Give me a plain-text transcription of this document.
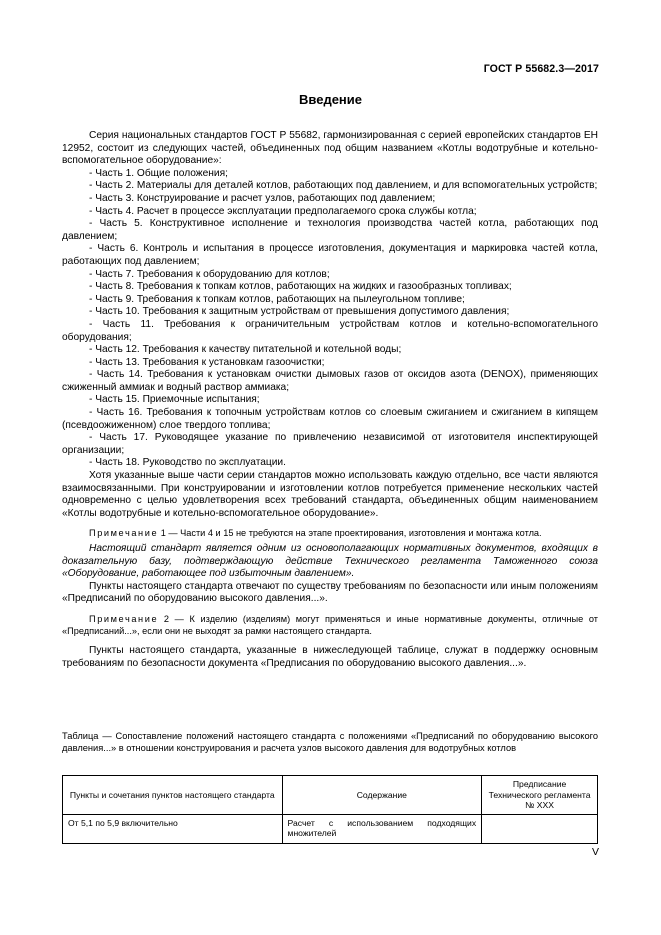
ГОСТ Р 55682.3—2017
Введение

Серия национальных стандартов ГОСТ Р 55682, гармонизированная с серией европейских стандартов ЕН 12952, состоит из следующих частей, объединенных под общим названием «Котлы водотрубные и котельно-вспомогательное оборудование»:

- Часть 1. Общие положения;

- Часть 2. Материалы для деталей котлов, работающих под давлением, и для вспомогательных устройств;

- Часть 3. Конструирование и расчет узлов, работающих под давлением;

- Часть 4. Расчет в процессе эксплуатации предполагаемого срока службы котла;

- Часть 5. Конструктивное исполнение и технология производства частей котла, работающих под давлением;

- Часть 6. Контроль и испытания в процессе изготовления, документация и маркировка частей котла, работающих под давлением;

- Часть 7. Требования к оборудованию для котлов;

- Часть 8. Требования к топкам котлов, работающих на жидких и газообразных топливах;

- Часть 9. Требования к топкам котлов, работающих на пылеугольном топливе;

- Часть 10. Требования к защитным устройствам от превышения допустимого давления;

- Часть 11. Требования к ограничительным устройствам котлов и котельно-вспомогательного оборудования;

- Часть 12. Требования к качеству питательной и котельной воды;

- Часть 13. Требования к установкам газоочистки;

- Часть 14. Требования к установкам очистки дымовых газов от оксидов азота (DENOX), применяющих сжиженный аммиак и водный раствор аммиака;

- Часть 15. Приемочные испытания;

- Часть 16. Требования к топочным устройствам котлов со слоевым сжиганием и сжиганием в кипящем (псевдоожиженном) слое твердого топлива;

- Часть 17. Руководящее указание по привлечению независимой от изготовителя инспектирующей организации;

- Часть 18. Руководство по эксплуатации.

Хотя указанные выше части серии стандартов можно использовать каждую отдельно, все части являются взаимосвязанными. При конструировании и изготовлении котлов потребуется применение нескольких частей одновременно с целью удовлетворения всех требований стандарта, объединенных общим наименованием «Котлы водотрубные и котельно-вспомогательное оборудование».

Примечание 1 — Части 4 и 15 не требуются на этапе проектирования, изготовления и монтажа котла.

Настоящий стандарт является одним из основополагающих нормативных документов, входящих в доказательную базу, подтверждающую действие Технического регламента Таможенного союза «Оборудование, работающее под избыточным давлением».

Пункты настоящего стандарта отвечают по существу требованиям по безопасности или иным положениям «Предписаний по оборудованию высокого давления...».

Примечание 2 — К изделию (изделиям) могут применяться и иные нормативные документы, отличные от «Предписаний...», если они не выходят за рамки настоящего стандарта.

Пункты настоящего стандарта, указанные в нижеследующей таблице, служат в поддержку основным требованиям по безопасности документа «Предписания по оборудованию высокого давления...».

Таблица — Сопоставление положений настоящего стандарта с положениями «Предписаний по оборудованию высокого давления...» в отношении конструирования и расчета узлов высокого давления для водотрубных котлов
Пункты и сочетания пунктов настоящего стандарта	Содержание	Предписание Технического регламента № XXX
От 5,1 по 5,9 включительно	Расчет с использованием подходящих множителей	
V
